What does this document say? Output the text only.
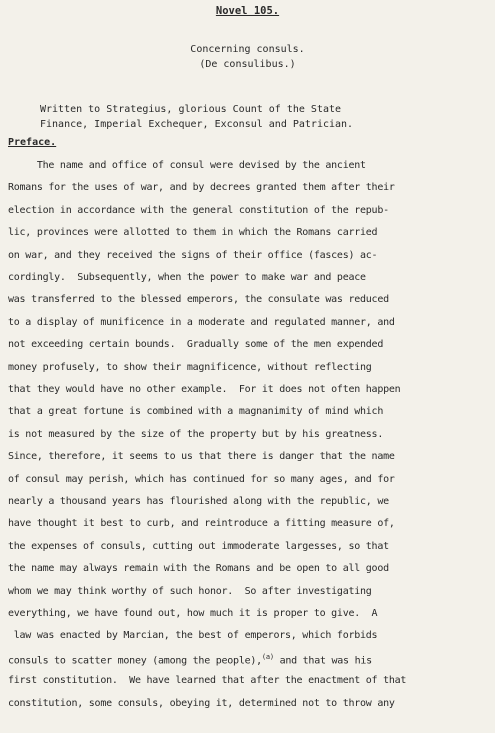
Novel 105.
Concerning consuls.
(De consulibus.)
Written to Strategius, glorious Count of the State
Finance, Imperial Exchequer, Exconsul and Patrician.
Preface.
The name and office of consul were devised by the ancient
Romans for the uses of war, and by decrees granted them after their
election in accordance with the general constitution of the repub-
lic, provinces were allotted to them in which the Romans carried
on war, and they received the signs of their office (fasces) ac-
cordingly.  Subsequently, when the power to make war and peace
was transferred to the blessed emperors, the consulate was reduced
to a display of munificence in a moderate and regulated manner, and
not exceeding certain bounds.  Gradually some of the men expended
money profusely, to show their magnificence, without reflecting
that they would have no other example.  For it does not often happen
that a great fortune is combined with a magnanimity of mind which
is not measured by the size of the property but by his greatness.
Since, therefore, it seems to us that there is danger that the name
of consul may perish, which has continued for so many ages, and for
nearly a thousand years has flourished along with the republic, we
have thought it best to curb, and reintroduce a fitting measure of,
the expenses of consuls, cutting out immoderate largesses, so that
the name may always remain with the Romans and be open to all good
whom we may think worthy of such honor.  So after investigating
everything, we have found out, how much it is proper to give.  A
law was enacted by Marcian, the best of emperors, which forbids
consuls to scatter money (among the people),$^{(a)}$ and that was his
first constitution.  We have learned that after the enactment of that
constitution, some consuls, obeying it, determined not to throw any
